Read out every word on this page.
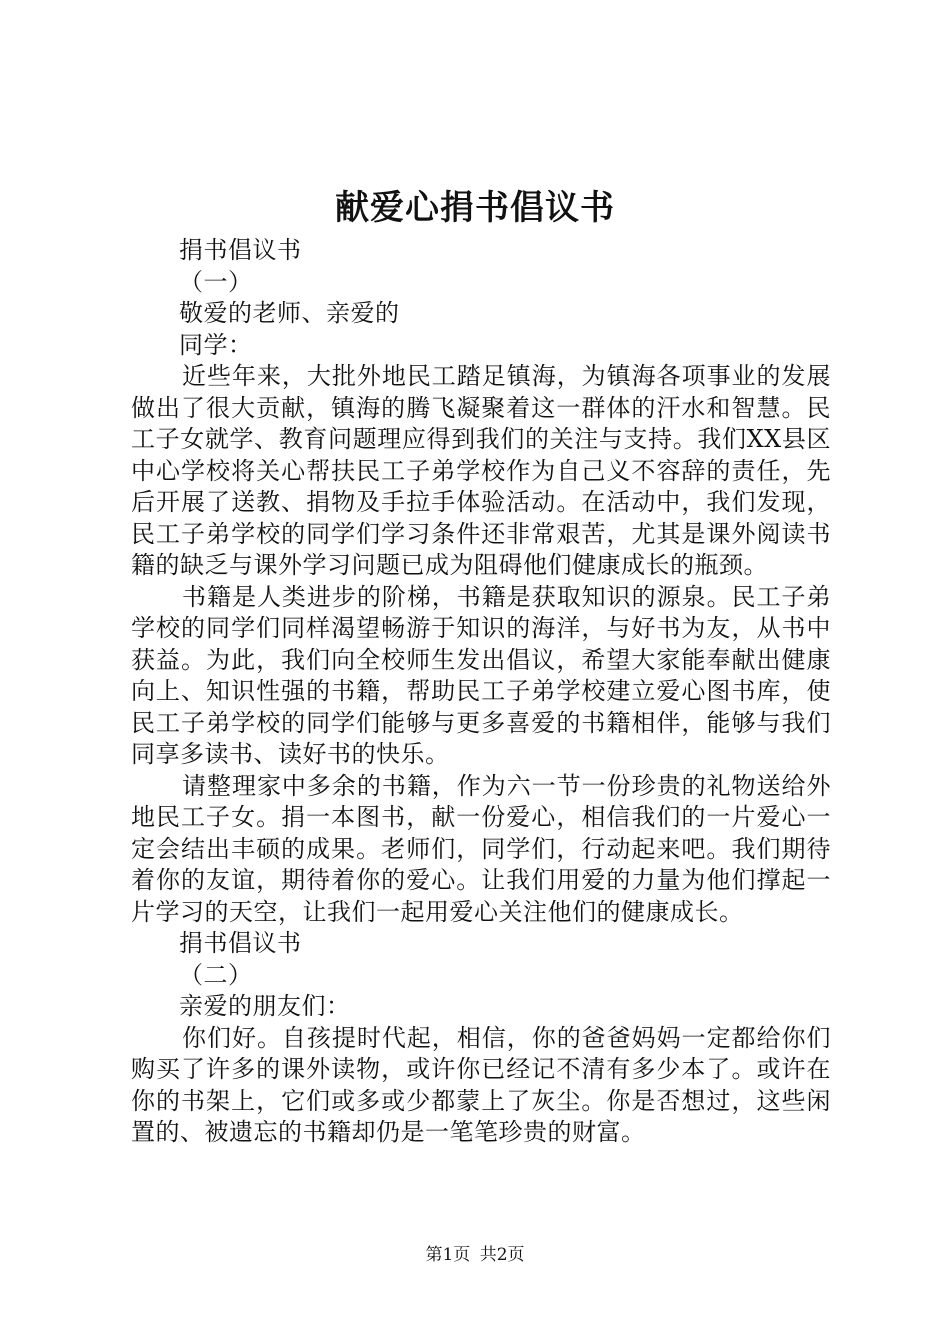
献爱心捐书倡议书

捐书倡议书

（一）

敬爱的老师、亲爱的

同学：

近些年来，大批外地民工踏足镇海，为镇海各项事业的发展做出了很大贡献，镇海的腾飞凝聚着这一群体的汗水和智慧。民工子女就学、教育问题理应得到我们的关注与支持。我们XX县区中心学校将关心帮扶民工子弟学校作为自己义不容辞的责任，先后开展了送教、捐物及手拉手体验活动。在活动中，我们发现，民工子弟学校的同学们学习条件还非常艰苦，尤其是课外阅读书籍的缺乏与课外学习问题已成为阻碍他们健康成长的瓶颈。

书籍是人类进步的阶梯，书籍是获取知识的源泉。民工子弟学校的同学们同样渴望畅游于知识的海洋，与好书为友，从书中获益。为此，我们向全校师生发出倡议，希望大家能奉献出健康向上、知识性强的书籍，帮助民工子弟学校建立爱心图书库，使民工子弟学校的同学们能够与更多喜爱的书籍相伴，能够与我们同享多读书、读好书的快乐。

请整理家中多余的书籍，作为六一节一份珍贵的礼物送给外地民工子女。捐一本图书，献一份爱心，相信我们的一片爱心一定会结出丰硕的成果。老师们，同学们，行动起来吧。我们期待着你的友谊，期待着你的爱心。让我们用爱的力量为他们撑起一片学习的天空，让我们一起用爱心关注他们的健康成长。

捐书倡议书

（二）

亲爱的朋友们：

你们好。自孩提时代起，相信，你的爸爸妈妈一定都给你们购买了许多的课外读物，或许你已经记不清有多少本了。或许在你的书架上，它们或多或少都蒙上了灰尘。你是否想过，这些闲置的、被遗忘的书籍却仍是一笔笔珍贵的财富。

第1页 共2页
